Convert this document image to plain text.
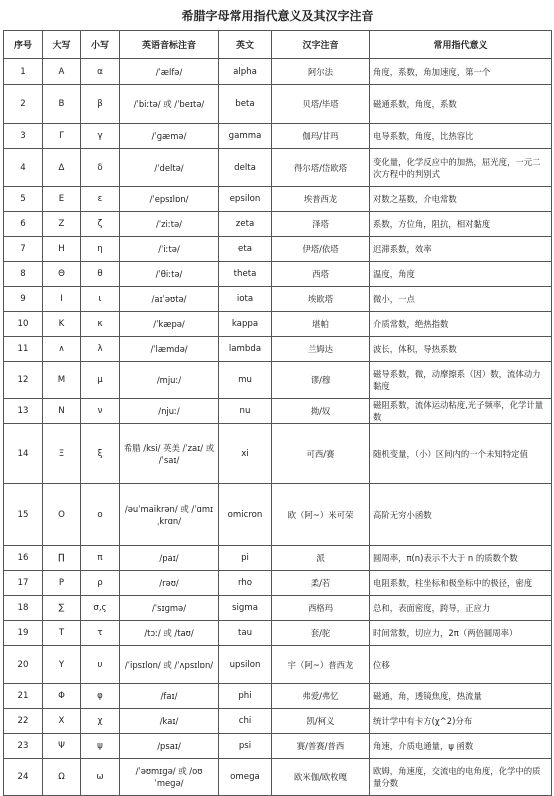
希腊字母常用指代意义及其汉字注音
序号	大写	小写	英语音标注音	英文	汉字注音	常用指代意义
1	Α	α	/ˈælfə/	alpha	阿尔法	角度，系数，角加速度，第一个
2	Β	β	/ˈbiːtə/ 或 /ˈbeɪtə/	beta	贝塔/毕塔	磁通系数，角度，系数
3	Γ	γ	/ˈɡæmə/	gamma	伽玛/甘玛	电导系数，角度，比热容比
4	Δ	δ	/ˈdeltə/	delta	得尔塔/岱欧塔	变化量，化学反应中的加热，屈光度，一元二次方程中的判别式
5	Ε	ε	/ˈepsɪlɒn/	epsilon	埃普西龙	对数之基数，介电常数
6	Ζ	ζ	/ˈziːtə/	zeta	泽塔	系数，方位角，阻抗，相对黏度
7	Η	η	/ˈiːtə/	eta	伊塔/依塔	迟滞系数，效率
8	Θ	θ	/ˈθiːtə/	theta	西塔	温度，角度
9	Ι	ι	/aɪˈəʊtə/	iota	埃欧塔	微小，一点
10	Κ	κ	/ˈkæpə/	kappa	堪帕	介质常数，绝热指数
11	∧	λ	/ˈlæmdə/	lambda	兰姆达	波长，体积，导热系数
12	Μ	μ	/mjuː/	mu	谬/穆	磁导系数，微，动摩擦系（因）数，流体动力黏度
13	Ν	ν	/njuː/	nu	拗/奴	磁阻系数，流体运动粘度,光子频率，化学计量数
14	Ξ	ξ	希腊 /ksi/ 英美 /ˈzaɪ/ 或 /ˈsaɪ/	xi	可西/赛	随机变量，（小）区间内的一个未知特定值
15	Ο	ο	/əuˈmaikrən/ 或 /ˈɑmɪˌkrɑn/	omicron	欧（阿~）米可荣	高阶无穷小函数
16	∏	π	/paɪ/	pi	派	圆周率，π(n)表示不大于 n 的质数个数
17	Ρ	ρ	/rəʊ/	rho	柔/若	电阻系数，柱坐标和极坐标中的极径，密度
18	∑	σ,ς	/ˈsɪɡmə/	sigma	西格玛	总和，表面密度，跨导，正应力
19	Τ	τ	/tɔː/ 或 /taʊ/	tau	套/驼	时间常数，切应力，2π（两倍圆周率）
20	Υ	υ	/ˈipsɪlon/ 或 /ˈʌpsɪlɒn/	upsilon	宇（阿~）普西龙	位移
21	Φ	φ	/faɪ/	phi	弗爱/弗忆	磁通，角，透镜焦度，热流量
22	Χ	χ	/kaɪ/	chi	凯/柯义	统计学中有卡方(χ^2)分布
23	Ψ	ψ	/psaɪ/	psi	赛/普赛/普西	角速，介质电通量，ψ 函数
24	Ω	ω	/ˈəʊmɪɡə/ 或 /oʊˈmeɡə/	omega	欧米伽/欧枚嘎	欧姆，角速度，交流电的电角度，化学中的质量分数
